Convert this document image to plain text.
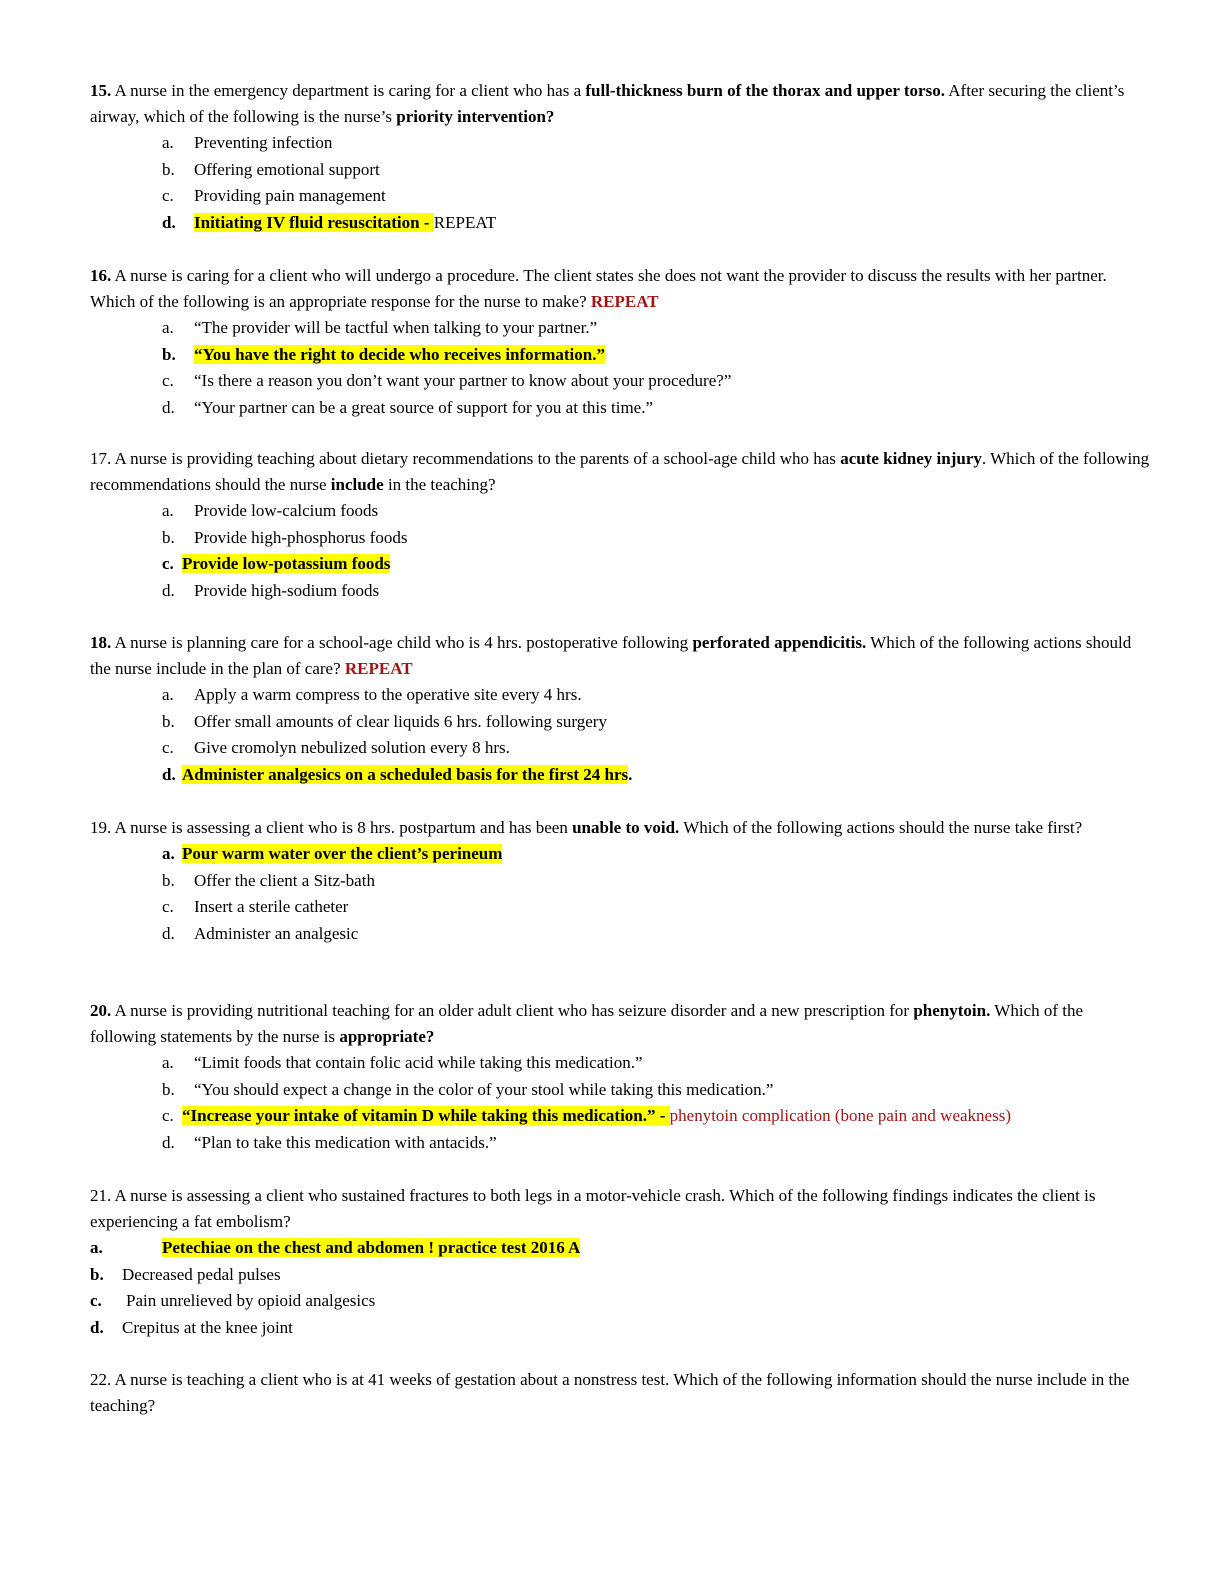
15. A nurse in the emergency department is caring for a client who has a full-thickness burn of the thorax and upper torso. After securing the client’s airway, which of the following is the nurse’s priority intervention?

a. Preventing infection
b. Offering emotional support
c. Providing pain management
d. Initiating IV fluid resuscitation - REPEAT

16. A nurse is caring for a client who will undergo a procedure. The client states she does not want the provider to discuss the results with her partner. Which of the following is an appropriate response for the nurse to make? REPEAT

a. “The provider will be tactful when talking to your partner.”
b. “You have the right to decide who receives information.”
c. “Is there a reason you don’t want your partner to know about your procedure?”
d. “Your partner can be a great source of support for you at this time.”

17. A nurse is providing teaching about dietary recommendations to the parents of a school-age child who has acute kidney injury. Which of the following recommendations should the nurse include in the teaching?

a. Provide low-calcium foods
b. Provide high-phosphorus foods
c. Provide low-potassium foods
d. Provide high-sodium foods

18. A nurse is planning care for a school-age child who is 4 hrs. postoperative following perforated appendicitis. Which of the following actions should the nurse include in the plan of care? REPEAT

a. Apply a warm compress to the operative site every 4 hrs.
b. Offer small amounts of clear liquids 6 hrs. following surgery
c. Give cromolyn nebulized solution every 8 hrs.
d. Administer analgesics on a scheduled basis for the first 24 hrs.

19. A nurse is assessing a client who is 8 hrs. postpartum and has been unable to void. Which of the following actions should the nurse take first?

a. Pour warm water over the client’s perineum
b. Offer the client a Sitz-bath
c. Insert a sterile catheter
d. Administer an analgesic

20. A nurse is providing nutritional teaching for an older adult client who has seizure disorder and a new prescription for phenytoin. Which of the following statements by the nurse is appropriate?

a. “Limit foods that contain folic acid while taking this medication.”
b. “You should expect a change in the color of your stool while taking this medication.”
c. “Increase your intake of vitamin D while taking this medication.” - phenytoin complication (bone pain and weakness)
d. “Plan to take this medication with antacids.”

21. A nurse is assessing a client who sustained fractures to both legs in a motor-vehicle crash. Which of the following findings indicates the client is experiencing a fat embolism?

a.	Petechiae on the chest and abdomen ! practice test 2016 A
b. Decreased pedal pulses
c. Pain unrelieved by opioid analgesics
d. Crepitus at the knee joint

22. A nurse is teaching a client who is at 41 weeks of gestation about a nonstress test. Which of the following information should the nurse include in the teaching?
